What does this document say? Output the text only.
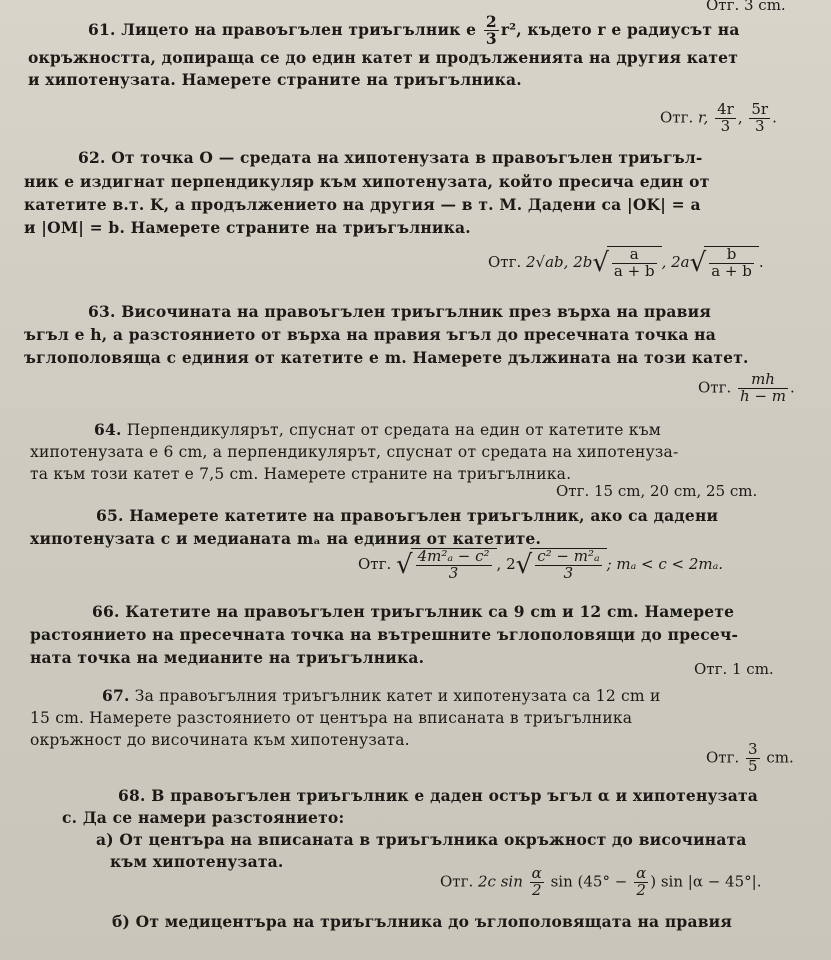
Отг. 3 cm.
61. Лицето на правоъгълен триъгълник е $\frac{2}{3} r^2$, където r е радиусът на
окръжността, допираща се до един катет и продълженията на другия катет
и хипотенузата. Намерете страните на триъгълника.
Отг. r, $\frac{4r}{3}$ , $\frac{5r}{3}$ .
62. От точка O — средата на хипотенузата в правоъгълен триъгъл-
ник е издигнат перпендикуляр към хипотенузата, който пресича един от
катетите в.т. K, а продължението на другия — в т. M. Дадени са |OK| = a
и |OM| = b. Намерете страните на триъгълника.
Отг. 2√ab, $2b√ \frac{a}{a + b}$ , $2a√ \frac{b}{a + b}$ .
63. Височината на правоъгълен триъгълник през върха на правия
ъгъл е h, а разстоянието от върха на правия ъгъл до пресечната точка на
ъглополовяща с единия от катетите е m. Намерете дължината на този катет.
Отг. $\frac{mh}{h - m}$ .
64. Перпендикулярът, спуснат от средата на един от катетите към
хипотенузата е 6 cm, а перпендикулярът, спуснат от средата на хипотенуза-
та към този катет е 7,5 cm. Намерете страните на триъгълника.
Отг. 15 cm, 20 cm, 25 cm.
65. Намерете катетите на правоъгълен триъгълник, ако са дадени
хипотенузата c и медианата mₐ на единия от катетите.
Отг. √ $\frac{\text{4m²ₐ − c²}}{3}$ , $2√ \frac{\text{c² − m²ₐ}}{3}$ ; mₐ < c < 2mₐ.
66. Катетите на правоъгълен триъгълник са 9 cm и 12 cm. Намерете
растоянието на пресечната точка на вътрешните ъглополовящи до пресеч-
ната точка на медианите на триъгълника.
Отг. 1 cm.
67. За правоъгълния триъгълник катет и хипотенузата са 12 cm и
15 cm. Намерете разстоянието от центъра на вписаната в триъгълника
окръжност до височината към хипотенузата.
Отг. $\frac{3}{5}$ cm.
68. В правоъгълен триъгълник е даден остър ъгъл α и хипотенузата
c. Да се намери разстоянието:
а) От центъра на вписаната в триъгълника окръжност до височината
към хипотенузата.
Отг. 2c $\sin \frac{\alpha}{2}$ $\sin (45^\circ - \frac{\alpha}{2}$ ) sin |α − 45°|.
б) От медицентъра на триъгълника до ъглополовящата на правия
